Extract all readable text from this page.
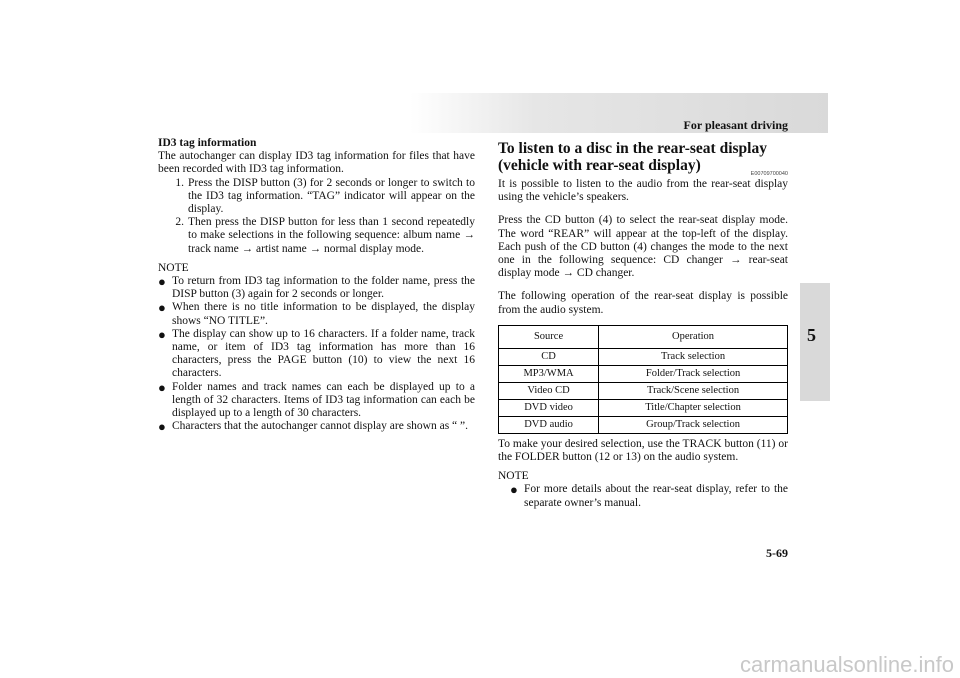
For pleasant driving
5
ID3 tag information

The autochanger can display ID3 tag information for files that have been recorded with ID3 tag information.

1. Press the DISP button (3) for 2 seconds or longer to switch to the ID3 tag information. “TAG” indicator will appear on the display.
2. Then press the DISP button for less than 1 second repeatedly to make selections in the following sequence: album name → track name → artist name → normal display mode.
NOTE
● To return from ID3 tag information to the folder name, press the DISP button (3) again for 2 seconds or longer.
● When there is no title information to be displayed, the display shows “NO TITLE”.
● The display can show up to 16 characters. If a folder name, track name, or item of ID3 tag information has more than 16 characters, press the PAGE button (10) to view the next 16 characters.
● Folder names and track names can each be displayed up to a length of 32 characters. Items of ID3 tag information can each be displayed up to a length of 30 characters.
● Characters that the autochanger cannot display are shown as “ ”.
To listen to a disc in the rear-seat display (vehicle with rear-seat display)	E00709700040

It is possible to listen to the audio from the rear-seat display using the vehicle’s speakers.

Press the CD button (4) to select the rear-seat display mode. The word “REAR” will appear at the top-left of the display. Each push of the CD button (4) changes the mode to the next one in the following sequence: CD changer → rear-seat display mode → CD changer.

The following operation of the rear-seat display is possible from the audio system.

Source	Operation
CD	Track selection
MP3/WMA	Folder/Track selection
Video CD	Track/Scene selection
DVD video	Title/Chapter selection
DVD audio	Group/Track selection

To make your desired selection, use the TRACK button (11) or the FOLDER button (12 or 13) on the audio system.

NOTE
● For more details about the rear-seat display, refer to the separate owner’s manual.
5-69
carmanualsonline.info
